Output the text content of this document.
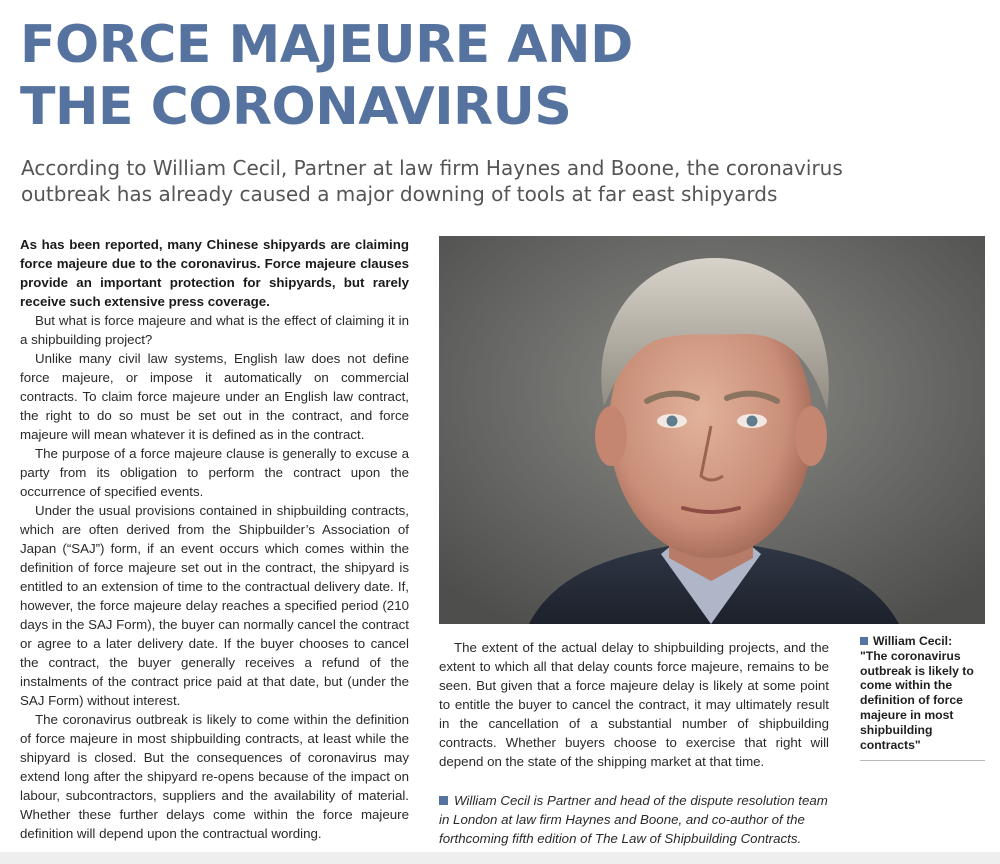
FORCE MAJEURE AND
THE CORONAVIRUS
According to William Cecil, Partner at law firm Haynes and Boone, the coronavirus
outbreak has already caused a major downing of tools at far east shipyards

As has been reported, many Chinese shipyards are claiming force majeure due to the coronavirus. Force majeure clauses provide an important protection for shipyards, but rarely receive such extensive press coverage.

But what is force majeure and what is the effect of claiming it in a shipbuilding project?

Unlike many civil law systems, English law does not define force majeure, or impose it automatically on commercial contracts. To claim force majeure under an English law contract, the right to do so must be set out in the contract, and force majeure will mean whatever it is defined as in the contract.

The purpose of a force majeure clause is generally to excuse a party from its obligation to perform the contract upon the occurrence of specified events.

Under the usual provisions contained in shipbuilding contracts, which are often derived from the Shipbuilder’s Association of Japan (“SAJ”) form, if an event occurs which comes within the definition of force majeure set out in the contract, the shipyard is entitled to an extension of time to the contractual delivery date. If, however, the force majeure delay reaches a specified period (210 days in the SAJ Form), the buyer can normally cancel the contract or agree to a later delivery date. If the buyer chooses to cancel the contract, the buyer generally receives a refund of the instalments of the contract price paid at that date, but (under the SAJ Form) without interest.

The coronavirus outbreak is likely to come within the definition of force majeure in most shipbuilding contracts, at least while the shipyard is closed. But the consequences of coronavirus may extend long after the shipyard re-opens because of the impact on labour, subcontractors, suppliers and the availability of material. Whether these further delays come within the force majeure definition will depend upon the contractual wording.

The extent of the actual delay to shipbuilding projects, and the extent to which all that delay counts force majeure, remains to be seen. But given that a force majeure delay is likely at some point to entitle the buyer to cancel the contract, it may ultimately result in the cancellation of a substantial number of shipbuilding contracts. Whether buyers choose to exercise that right will depend on the state of the shipping market at that time.

William Cecil is Partner and head of the dispute resolution team in London at law firm Haynes and Boone, and co-author of the forthcoming fifth edition of The Law of Shipbuilding Contracts.

William Cecil:

"The coronavirus outbreak is likely to come within the definition of force majeure in most shipbuilding contracts"
